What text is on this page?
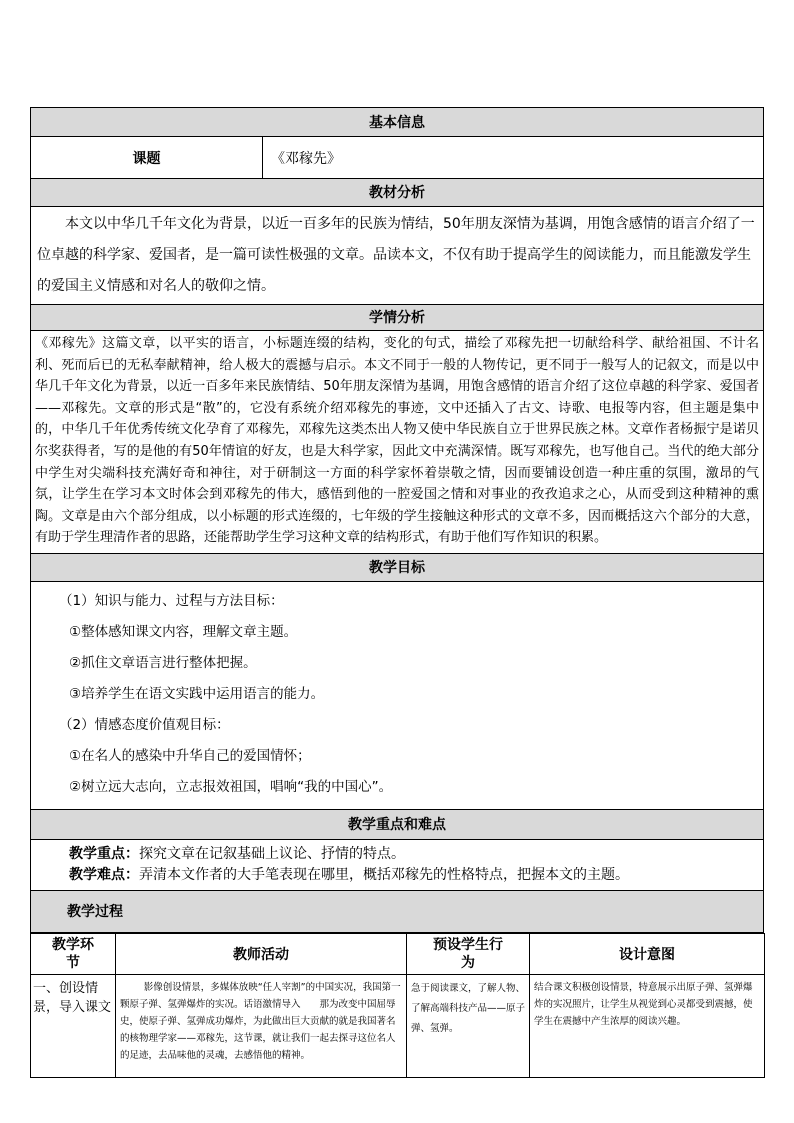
基本信息
课题	《邓稼先》
教材分析
本文以中华几千年文化为背景，以近一百多年的民族为情结，50年朋友深情为基调，用饱含感情的语言介绍了一位卓越的科学家、爱国者，是一篇可读性极强的文章。品读本文，不仅有助于提高学生的阅读能力，而且能激发学生的爱国主义情感和对名人的敬仰之情。
学情分析
《邓稼先》这篇文章，以平实的语言，小标题连缀的结构，变化的句式，描绘了邓稼先把一切献给科学、献给祖国、不计名利、死而后已的无私奉献精神，给人极大的震撼与启示。本文不同于一般的人物传记，更不同于一般写人的记叙文，而是以中华几千年文化为背景，以近一百多年来民族情结、50年朋友深情为基调，用饱含感情的语言介绍了这位卓越的科学家、爱国者——邓稼先。文章的形式是“散”的，它没有系统介绍邓稼先的事迹，文中还插入了古文、诗歌、电报等内容，但主题是集中的，中华几千年优秀传统文化孕育了邓稼先，邓稼先这类杰出人物又使中华民族自立于世界民族之林。文章作者杨振宁是诺贝尔奖获得者，写的是他的有50年情谊的好友，也是大科学家，因此文中充满深情。既写邓稼先，也写他自己。当代的绝大部分中学生对尖端科技充满好奇和神往，对于研制这一方面的科学家怀着崇敬之情，因而要铺设创造一种庄重的氛围，激昂的气氛，让学生在学习本文时体会到邓稼先的伟大，感悟到他的一腔爱国之情和对事业的孜孜追求之心，从而受到这种精神的熏陶。文章是由六个部分组成，以小标题的形式连缀的，七年级的学生接触这种形式的文章不多，因而概括这六个部分的大意，有助于学生理清作者的思路，还能帮助学生学习这种文章的结构形式，有助于他们写作知识的积累。
教学目标
（1）知识与能力、过程与方法目标：
①整体感知课文内容，理解文章主题。
②抓住文章语言进行整体把握。
③培养学生在语文实践中运用语言的能力。
（2）情感态度价值观目标：
①在名人的感染中升华自己的爱国情怀；
②树立远大志向，立志报效祖国，唱响“我的中国心”。
教学重点和难点
教学重点：探究文章在记叙基础上议论、抒情的特点。
教学难点：弄清本文作者的大手笔表现在哪里，概括邓稼先的性格特点，把握本文的主题。
教学过程
教学环节	教师活动	预设学生行为	设计意图
一、创设情景，导入课文	影像创设情景，多媒体放映“任人宰割”的中国实况，我国第一颗原子弹、氢弹爆炸的实况。话语激情导入　　那为改变中国屈辱史，使原子弹、氢弹成功爆炸，为此做出巨大贡献的就是我国著名的核物理学家——邓稼先，这节课，就让我们一起去探寻这位名人的足迹，去品味他的灵魂，去感悟他的精神。	急于阅读课文，了解人物、了解高端科技产品——原子弹、氢弹。	结合课文积极创设情景，特意展示出原子弹、氢弹爆炸的实况照片，让学生从视觉到心灵都受到震撼，使学生在震撼中产生浓厚的阅读兴趣。
